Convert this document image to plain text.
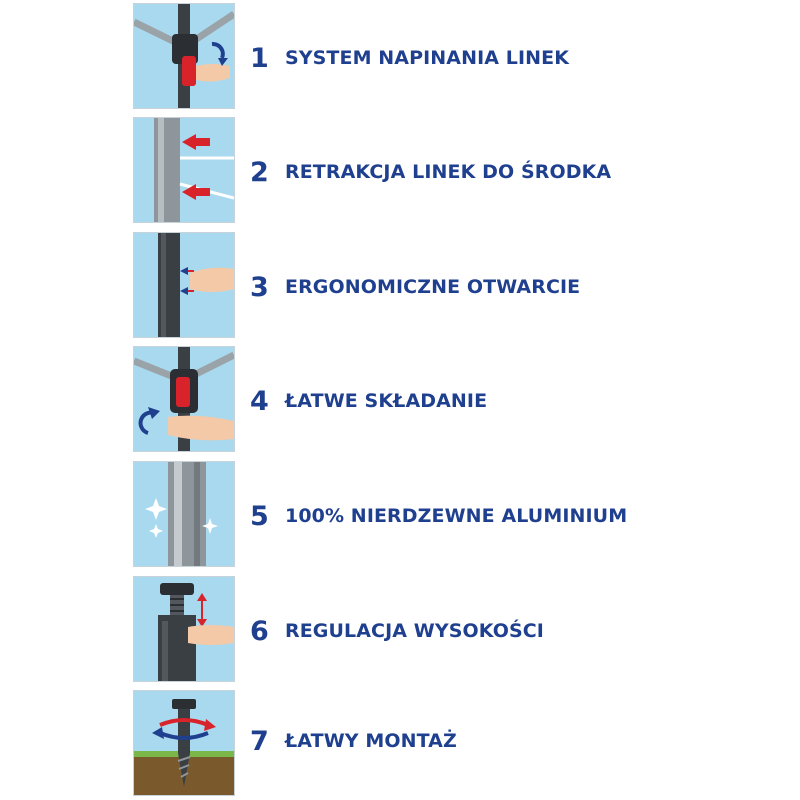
1 SYSTEM NAPINANIA LINEK
2 RETRAKCJA LINEK DO ŚRODKA
3 ERGONOMICZNE OTWARCIE
4 ŁATWE SKŁADANIE
5 100% NIERDZEWNE ALUMINIUM
6 REGULACJA WYSOKOŚCI
7 ŁATWY MONTAŻ
